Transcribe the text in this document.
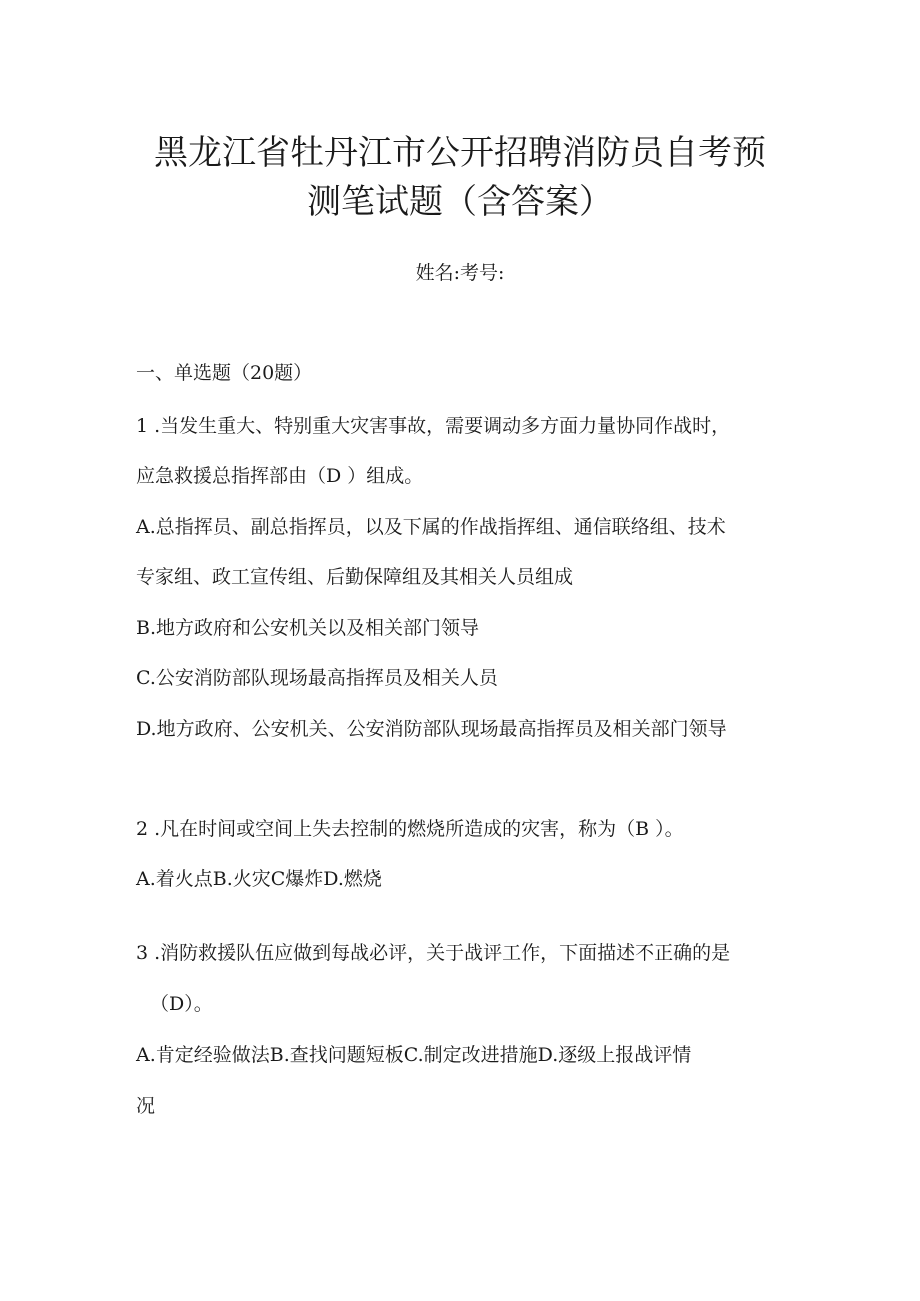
黑龙江省牡丹江市公开招聘消防员自考预
测笔试题（含答案）
姓名:考号:
一、单选题（20题）
1 .当发生重大、特别重大灾害事故，需要调动多方面力量协同作战时，
应急救援总指挥部由（D ）组成。
A.总指挥员、副总指挥员，以及下属的作战指挥组、通信联络组、技术
专家组、政工宣传组、后勤保障组及其相关人员组成
B.地方政府和公安机关以及相关部门领导
C.公安消防部队现场最高指挥员及相关人员
D.地方政府、公安机关、公安消防部队现场最高指挥员及相关部门领导
2 .凡在时间或空间上失去控制的燃烧所造成的灾害，称为（B ）。
A.着火点B.火灾C爆炸D.燃烧
3 .消防救援队伍应做到每战必评，关于战评工作，下面描述不正确的是
（D）。
A.肯定经验做法B.查找问题短板C.制定改进措施D.逐级上报战评情
况
